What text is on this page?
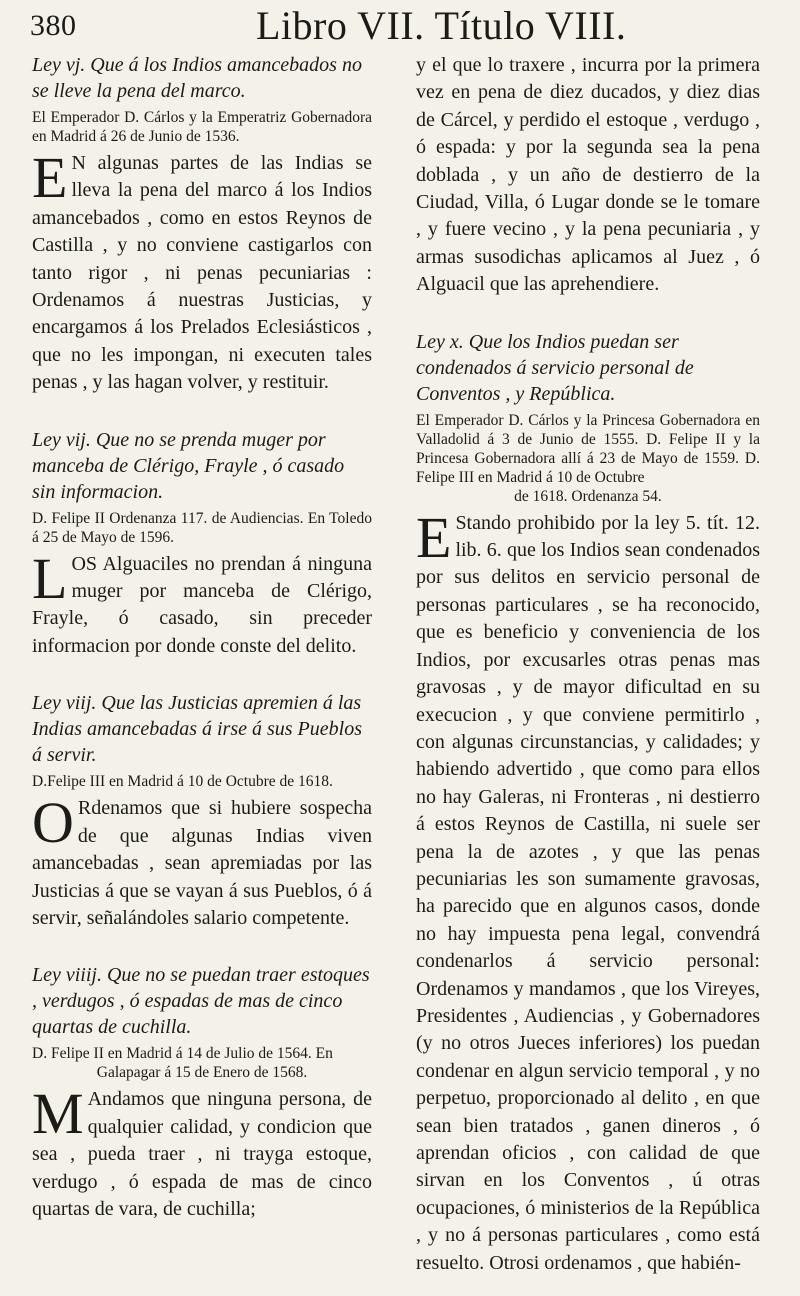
380	Libro VII. Título VIII.
Ley vj. Que á los Indios amancebados no se lleve la pena del marco.
El Emperador D. Cárlos y la Emperatriz Gobernadora en Madrid á 26 de Junio de 1536.
E N algunas partes de las Indias se lleva la pena del marco á los Indios amancebados , como en estos Reynos de Castilla , y no conviene castigarlos con tanto rigor , ni penas pecuniarias : Ordenamos á nuestras Justicias, y encargamos á los Prelados Eclesiásticos , que no les impongan, ni executen tales penas , y las hagan volver, y restituir.
Ley vij. Que no se prenda muger por manceba de Clérigo, Frayle , ó casado sin informacion.
D. Felipe II Ordenanza 117. de Audiencias. En Toledo á 25 de Mayo de 1596.
LOS Alguaciles no prendan á ninguna muger por manceba de Clérigo, Frayle, ó casado, sin preceder informacion por donde conste del delito.
Ley viij. Que las Justicias apremien á las Indias amancebadas á irse á sus Pueblos á servir.
D.Felipe III en Madrid á 10 de Octubre de 1618.
O Rdenamos que si hubiere sospecha de que algunas Indias viven amancebadas , sean apremiadas por las Justicias á que se vayan á sus Pueblos, ó á servir, señalándoles salario competente.
Ley viiij. Que no se puedan traer estoques , verdugos , ó espadas de mas de cinco quartas de cuchilla.
D. Felipe II en Madrid á 14 de Julio de 1564. En
Galapagar á 15 de Enero de 1568.
M Andamos que ninguna persona, de qualquier calidad, y condicion que sea , pueda traer , ni trayga estoque, verdugo , ó espada de mas de cinco quartas de vara, de cuchilla;
y el que lo traxere , incurra por la primera vez en pena de diez ducados, y diez dias de Cárcel, y perdido el estoque , verdugo , ó espada: y por la segunda sea la pena doblada , y un año de destierro de la Ciudad, Villa, ó Lugar donde se le tomare , y fuere vecino , y la pena pecuniaria , y armas susodichas aplicamos al Juez , ó Alguacil que las aprehendiere.
Ley x. Que los Indios puedan ser condenados á servicio personal de Conventos , y República.
El Emperador D. Cárlos y la Princesa Gobernadora en Valladolid á 3 de Junio de 1555. D. Felipe II y la Princesa Gobernadora allí á 23 de Mayo de 1559. D. Felipe III en Madrid á 10 de Octubre
de 1618. Ordenanza 54.
E Stando prohibido por la ley 5. tít. 12. lib. 6. que los Indios sean condenados por sus delitos en servicio personal de personas particulares , se ha reconocido, que es beneficio y conveniencia de los Indios, por excusarles otras penas mas gravosas , y de mayor dificultad en su execucion , y que conviene permitirlo , con algunas circunstancias, y calidades; y habiendo advertido , que como para ellos no hay Galeras, ni Fronteras , ni destierro á estos Reynos de Castilla, ni suele ser pena la de azotes , y que las penas pecuniarias les son sumamente gravosas, ha parecido que en algunos casos, donde no hay impuesta pena legal, convendrá condenarlos á servicio personal: Ordenamos y mandamos , que los Vireyes, Presidentes , Audiencias , y Gobernadores (y no otros Jueces inferiores) los puedan condenar en algun servicio temporal , y no perpetuo, proporcionado al delito , en que sean bien tratados , ganen dineros , ó aprendan oficios , con calidad de que sirvan en los Conventos , ú otras ocupaciones, ó ministerios de la República , y no á personas particulares , como está resuelto. Otrosi ordenamos , que habién-
